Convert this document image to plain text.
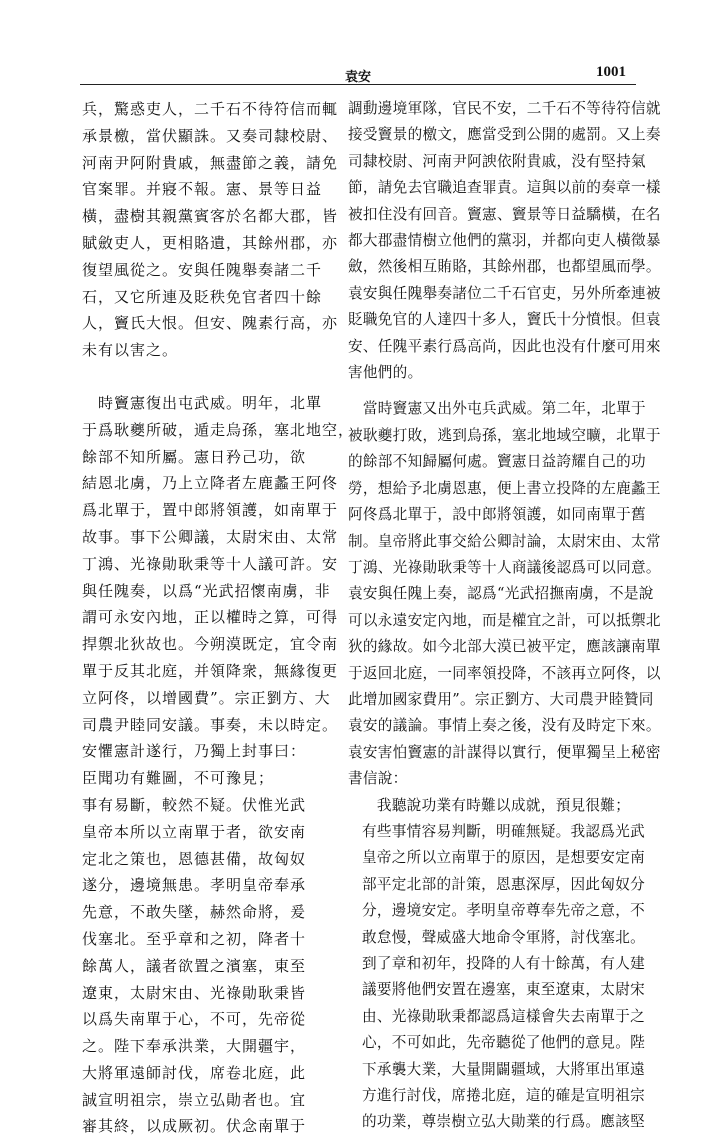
袁安	1001

兵，驚惑吏人，二千石不待符信而輒
承景檄，當伏顯誅。又奏司隸校尉、
河南尹阿附貴戚，無盡節之義，請免
官案罪。并寢不報。憲、景等日益
橫，盡樹其親黨賓客於名都大郡，皆
賦斂吏人，更相賂遺，其餘州郡，亦
復望風從之。安與任隗舉奏諸二千
石，又它所連及貶秩免官者四十餘
人，竇氏大恨。但安、隗素行高，亦
未有以害之。

　時竇憲復出屯武威。明年，北單
于爲耿夔所破，遁走烏孫，塞北地空，
餘部不知所屬。憲日矜己功，欲
結恩北虜，乃上立降者左鹿蠡王阿佟
爲北單于，置中郎將領護，如南單于
故事。事下公卿議，太尉宋由、太常
丁鴻、光祿勛耿秉等十人議可許。安
與任隗奏，以爲“光武招懷南虜，非
謂可永安內地，正以權時之算，可得
捍禦北狄故也。今朔漠既定，宜令南
單于反其北庭，并領降衆，無緣復更
立阿佟，以增國費”。宗正劉方、大
司農尹睦同安議。事奏，未以時定。
安懼憲計遂行，乃獨上封事曰：

臣聞功有難圖，不可豫見；
事有易斷，較然不疑。伏惟光武
皇帝本所以立南單于者，欲安南
定北之策也，恩德甚備，故匈奴
遂分，邊境無患。孝明皇帝奉承
先意，不敢失墜，赫然命將，爰
伐塞北。至乎章和之初，降者十
餘萬人，議者欲置之濱塞，東至
遼東，太尉宋由、光祿勛耿秉皆
以爲失南單于心，不可，先帝從
之。陛下奉承洪業，大開疆宇，
大將軍遠師討伐，席卷北庭，此
誠宣明祖宗，崇立弘勛者也。宜
審其終，以成厥初。伏念南單于

調動邊境軍隊，官民不安，二千石不等待符信就
接受竇景的檄文，應當受到公開的處罰。又上奏
司隸校尉、河南尹阿諛依附貴戚，没有堅持氣
節，請免去官職追查罪責。這與以前的奏章一樣
被扣住没有回音。竇憲、竇景等日益驕橫，在名
都大郡盡情樹立他們的黨羽，并都向吏人橫徵暴
斂，然後相互賄賂，其餘州郡，也都望風而學。
袁安與任隗舉奏諸位二千石官吏，另外所牽連被
貶職免官的人達四十多人，竇氏十分憤恨。但袁
安、任隗平素行爲高尚，因此也没有什麼可用來
害他們的。

　當時竇憲又出外屯兵武威。第二年，北單于
被耿夔打敗，逃到烏孫，塞北地域空曠，北單于
的餘部不知歸屬何處。竇憲日益誇耀自己的功
勞，想給予北虜恩惠，便上書立投降的左鹿蠡王
阿佟爲北單于，設中郎將領護，如同南單于舊
制。皇帝將此事交給公卿討論，太尉宋由、太常
丁鴻、光祿勛耿秉等十人商議後認爲可以同意。
袁安與任隗上奏，認爲“光武招撫南虜，不是說
可以永遠安定內地，而是權宜之計，可以抵禦北
狄的緣故。如今北部大漠已被平定，應該讓南單
于返回北庭，一同率領投降，不該再立阿佟，以
此增加國家費用”。宗正劉方、大司農尹睦贊同
袁安的議論。事情上奏之後，没有及時定下來。
袁安害怕竇憲的計謀得以實行，便單獨呈上秘密
書信說：

　我聽說功業有時難以成就，預見很難；
有些事情容易判斷，明確無疑。我認爲光武
皇帝之所以立南單于的原因，是想要安定南
部平定北部的計策，恩惠深厚，因此匈奴分
分，邊境安定。孝明皇帝尊奉先帝之意，不
敢怠慢，聲威盛大地命令軍將，討伐塞北。
到了章和初年，投降的人有十餘萬，有人建
議要將他們安置在邊塞，東至遼東，太尉宋
由、光祿勛耿秉都認爲這樣會失去南單于之
心，不可如此，先帝聽從了他們的意見。陛
下承襲大業，大量開闢疆域，大將軍出軍遠
方進行討伐，席捲北庭，這的確是宣明祖宗
的功業，尊崇樹立弘大勛業的行爲。應該堅
